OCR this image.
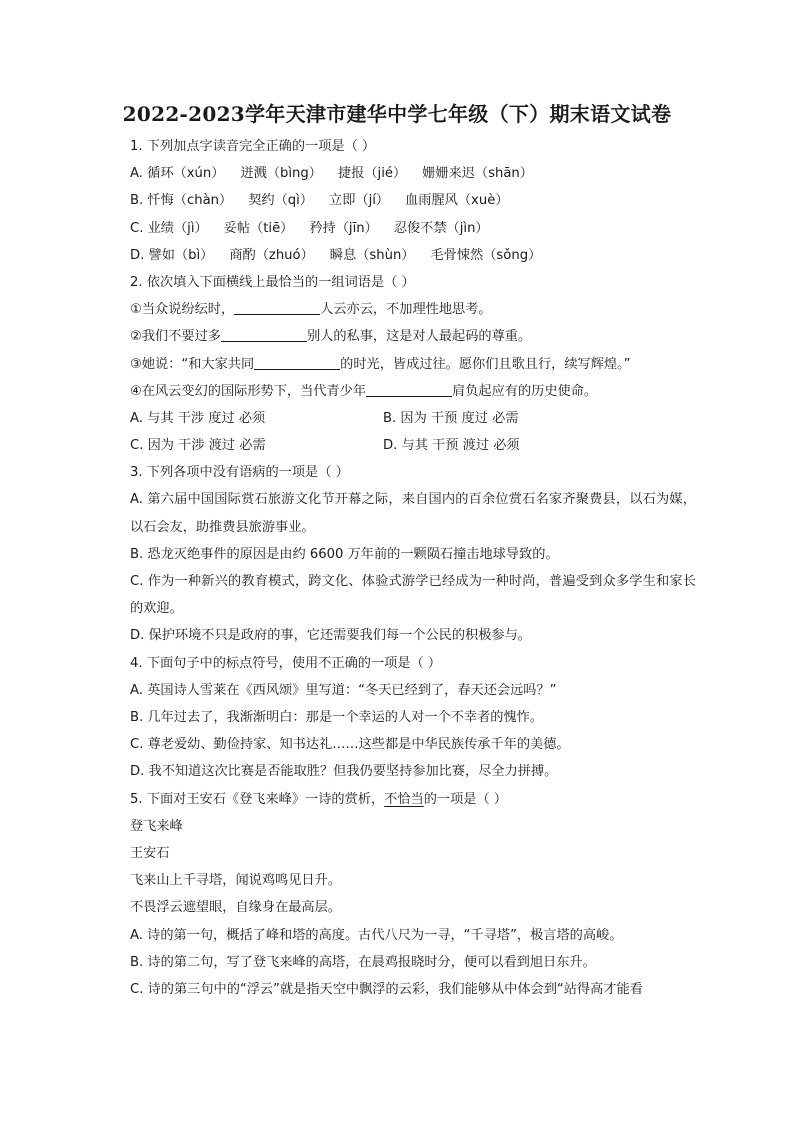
2022-2023学年天津市建华中学七年级（下）期末语文试卷
1. 下列加点字读音完全正确的一项是（ ）
A. 循环（xún） 迸溅（bìng） 捷报（jié） 姗姗来迟（shān）
B. 忏悔（chàn） 契约（qì） 立即（jí） 血雨腥风（xuè）
C. 业绩（jì） 妥帖（tiē） 矜持（jīn） 忍俊不禁（jìn）
D. 譬如（bì） 商酌（zhuó） 瞬息（shùn） 毛骨悚然（sǒng）
2. 依次填入下面横线上最恰当的一组词语是（ ）
①当众说纷纭时，	人云亦云，不加理性地思考。
②我们不要过多	别人的私事，这是对人最起码的尊重。
③她说：“和大家共同	的时光，皆成过往。愿你们且歌且行，续写辉煌。”
④在风云变幻的国际形势下，当代青少年	肩负起应有的历史使命。
A. 与其 干涉 度过 必须	B. 因为 干预 度过 必需
C. 因为 干涉 渡过 必需	D. 与其 干预 渡过 必须
3. 下列各项中没有语病的一项是（ ）
A. 第六届中国国际赏石旅游文化节开幕之际，来自国内的百余位赏石名家齐聚费县，以石为媒，以石会友，助推费县旅游事业。
B. 恐龙灭绝事件的原因是由约 6600 万年前的一颗陨石撞击地球导致的。
C. 作为一种新兴的教育模式，跨文化、体验式游学已经成为一种时尚，普遍受到众多学生和家长的欢迎。
D. 保护环境不只是政府的事，它还需要我们每一个公民的积极参与。
4. 下面句子中的标点符号，使用不正确的一项是（ ）
A. 英国诗人雪莱在《西风颂》里写道：“冬天已经到了，春天还会远吗？”
B. 几年过去了，我渐渐明白：那是一个幸运的人对一个不幸者的愧怍。
C. 尊老爱幼、勤俭持家、知书达礼……这些都是中华民族传承千年的美德。
D. 我不知道这次比赛是否能取胜？但我仍要坚持参加比赛，尽全力拼搏。
5. 下面对王安石《登飞来峰》一诗的赏析，不恰当的一项是（ ）
登飞来峰
王安石
飞来山上千寻塔，闻说鸡鸣见日升。
不畏浮云遮望眼，自缘身在最高层。
A. 诗的第一句，概括了峰和塔的高度。古代八尺为一寻，“千寻塔”，极言塔的高峻。
B. 诗的第二句，写了登飞来峰的高塔，在晨鸡报晓时分，便可以看到旭日东升。
C. 诗的第三句中的“浮云”就是指天空中飘浮的云彩，我们能够从中体会到“站得高才能看
